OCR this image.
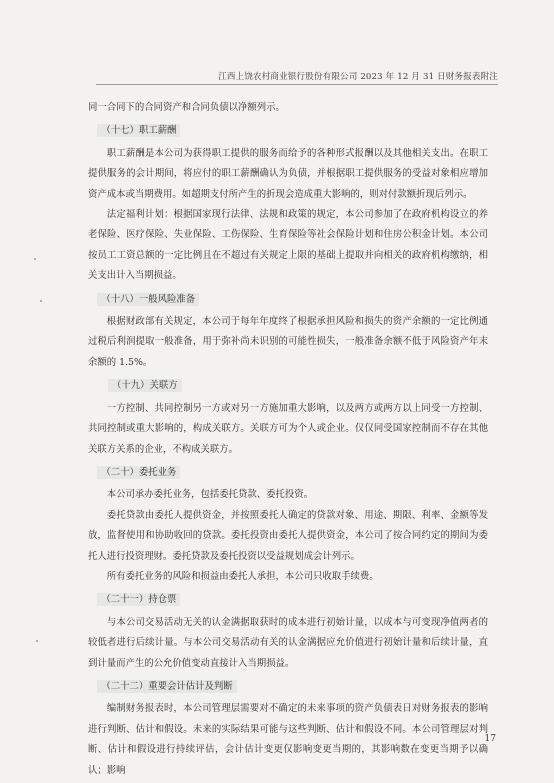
江西上饶农村商业银行股份有限公司 2023 年 12 月 31 日财务报表附注

同一合同下的合同资产和合同负债以净额列示。

（十七）职工薪酬

职工薪酬是本公司为获得职工提供的服务而给予的各种形式报酬以及其他相关支出。在职工提供服务的会计期间，将应付的职工薪酬确认为负债，并根据职工提供服务的受益对象相应增加资产成本或当期费用。如超期支付所产生的折现会造成重大影响的，则对付款额折现后列示。

法定福利计划：根据国家现行法律、法规和政策的规定，本公司参加了在政府机构设立的养老保险、医疗保险、失业保险、工伤保险、生育保险等社会保险计划和住房公积金计划。本公司按员工工资总额的一定比例且在不超过有关规定上限的基础上提取并向相关的政府机构缴纳，相关支出计入当期损益。

（十八）一般风险准备

根据财政部有关规定，本公司于每年年度终了根据承担风险和损失的资产余额的一定比例通过税后利润提取一般准备，用于弥补尚未识别的可能性损失，一般准备余额不低于风险资产年末余额的 1.5%。

（十九）关联方

一方控制、共同控制另一方或对另一方施加重大影响，以及两方或两方以上同受一方控制、共同控制或重大影响的，构成关联方。关联方可为个人或企业。仅仅同受国家控制而不存在其他关联方关系的企业，不构成关联方。

（二十）委托业务

本公司承办委托业务，包括委托贷款、委托投资。

委托贷款由委托人提供资金，并按照委托人确定的贷款对象、用途、期限、利率、金额等发放，监督使用和协助收回的贷款。委托投资由委托人提供资金，本公司了按合同约定的期间为委托人进行投资理财。委托贷款及委托投资以受益规划成会计列示。

所有委托业务的风险和损益由委托人承担，本公司只收取手续费。

（二十一）持仓票

与本公司交易活动无关的认金满据取获时的成本进行初始计量，以成本与可变现净值两者的较低者进行后续计量。与本公司交易活动有关的认金满据应允价值进行初始计量和后续计量，直到计量而产生的公允价值变动直接计入当期损益。

（二十二）重要会计估计及判断

编制财务报表时，本公司管理层需要对不确定的未来事项的资产负债表日对财务报表的影响进行判断、估计和假设。未来的实际结果可能与这些判断、估计和假设不同。本公司管理层对判断、估计和假设进行持续评估，会计估计变更仅影响变更当期的，其影响数在变更当期予以确认；影响

17
